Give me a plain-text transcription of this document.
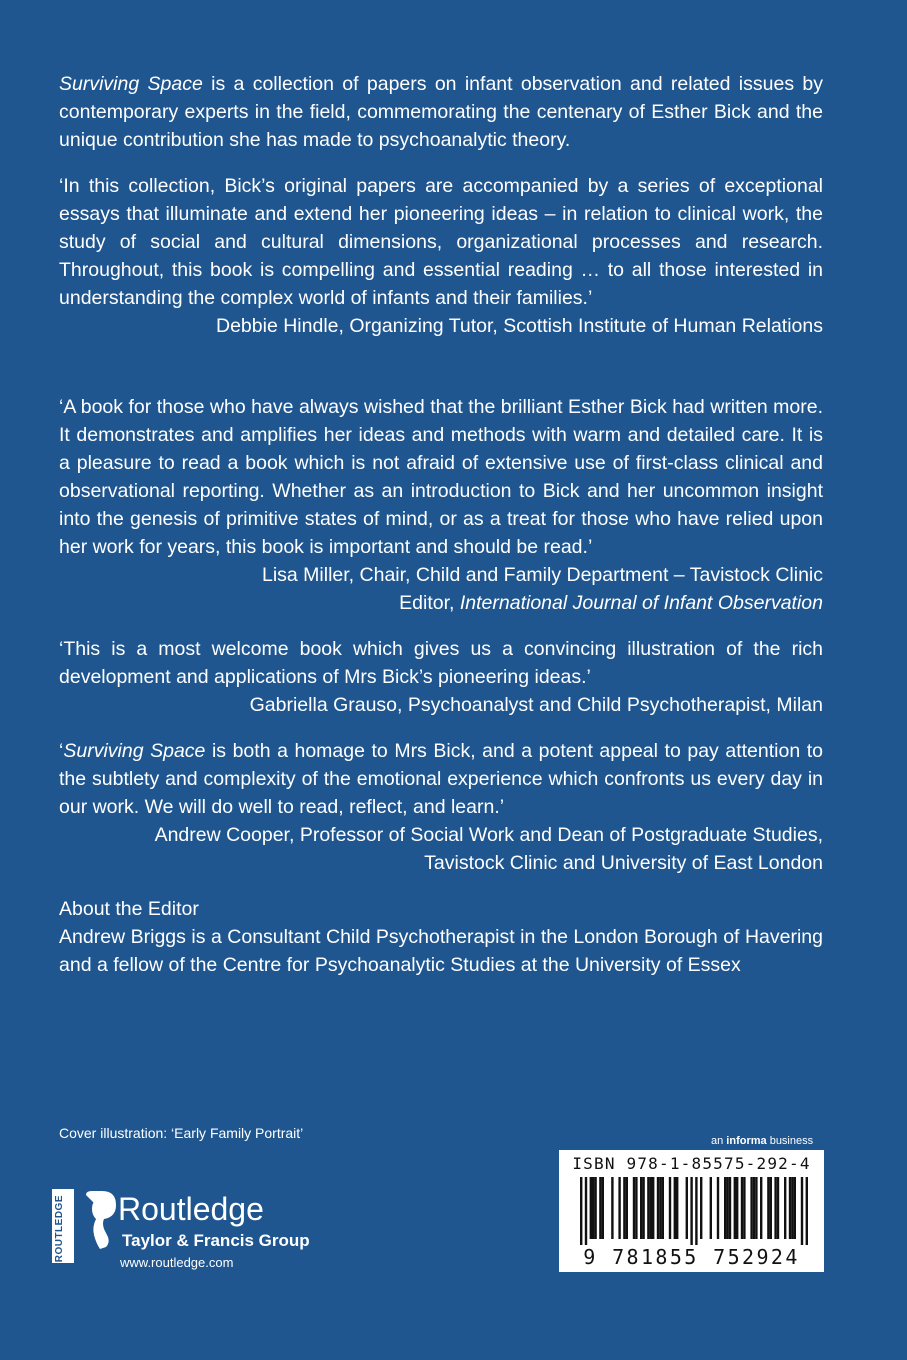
Surviving Space is a collection of papers on infant observation and related issues by contemporary experts in the field, commemorating the centenary of Esther Bick and the unique contribution she has made to psychoanalytic theory.

‘In this collection, Bick’s original papers are accompanied by a series of exceptional essays that illuminate and extend her pioneering ideas – in relation to clinical work, the study of social and cultural dimensions, organizational processes and research. Throughout, this book is compelling and essential reading … to all those interested in understanding the complex world of infants and their families.’

Debbie Hindle, Organizing Tutor, Scottish Institute of Human Relations

‘A book for those who have always wished that the brilliant Esther Bick had written more. It demonstrates and amplifies her ideas and methods with warm and detailed care. It is a pleasure to read a book which is not afraid of extensive use of first-class clinical and observational reporting. Whether as an introduction to Bick and her uncommon insight into the genesis of primitive states of mind, or as a treat for those who have relied upon her work for years, this book is important and should be read.’

Lisa Miller, Chair, Child and Family Department – Tavistock Clinic

Editor, International Journal of Infant Observation

‘This is a most welcome book which gives us a convincing illustration of the rich development and applications of Mrs Bick’s pioneering ideas.’

Gabriella Grauso, Psychoanalyst and Child Psychotherapist, Milan

‘Surviving Space is both a homage to Mrs Bick, and a potent appeal to pay attention to the subtlety and complexity of the emotional experience which confronts us every day in our work. We will do well to read, reflect, and learn.’

Andrew Cooper, Professor of Social Work and Dean of Postgraduate Studies,

Tavistock Clinic and University of East London

About the Editor

Andrew Briggs is a Consultant Child Psychotherapist in the London Borough of Havering and a fellow of the Centre for Psychoanalytic Studies at the University of Essex

Cover illustration: ‘Early Family Portrait’
ROUTLEDGE Routledge
Taylor & Francis Group
www.routledge.com
an informa business
ISBN 978-1-85575-292-4
9 781855 752924
